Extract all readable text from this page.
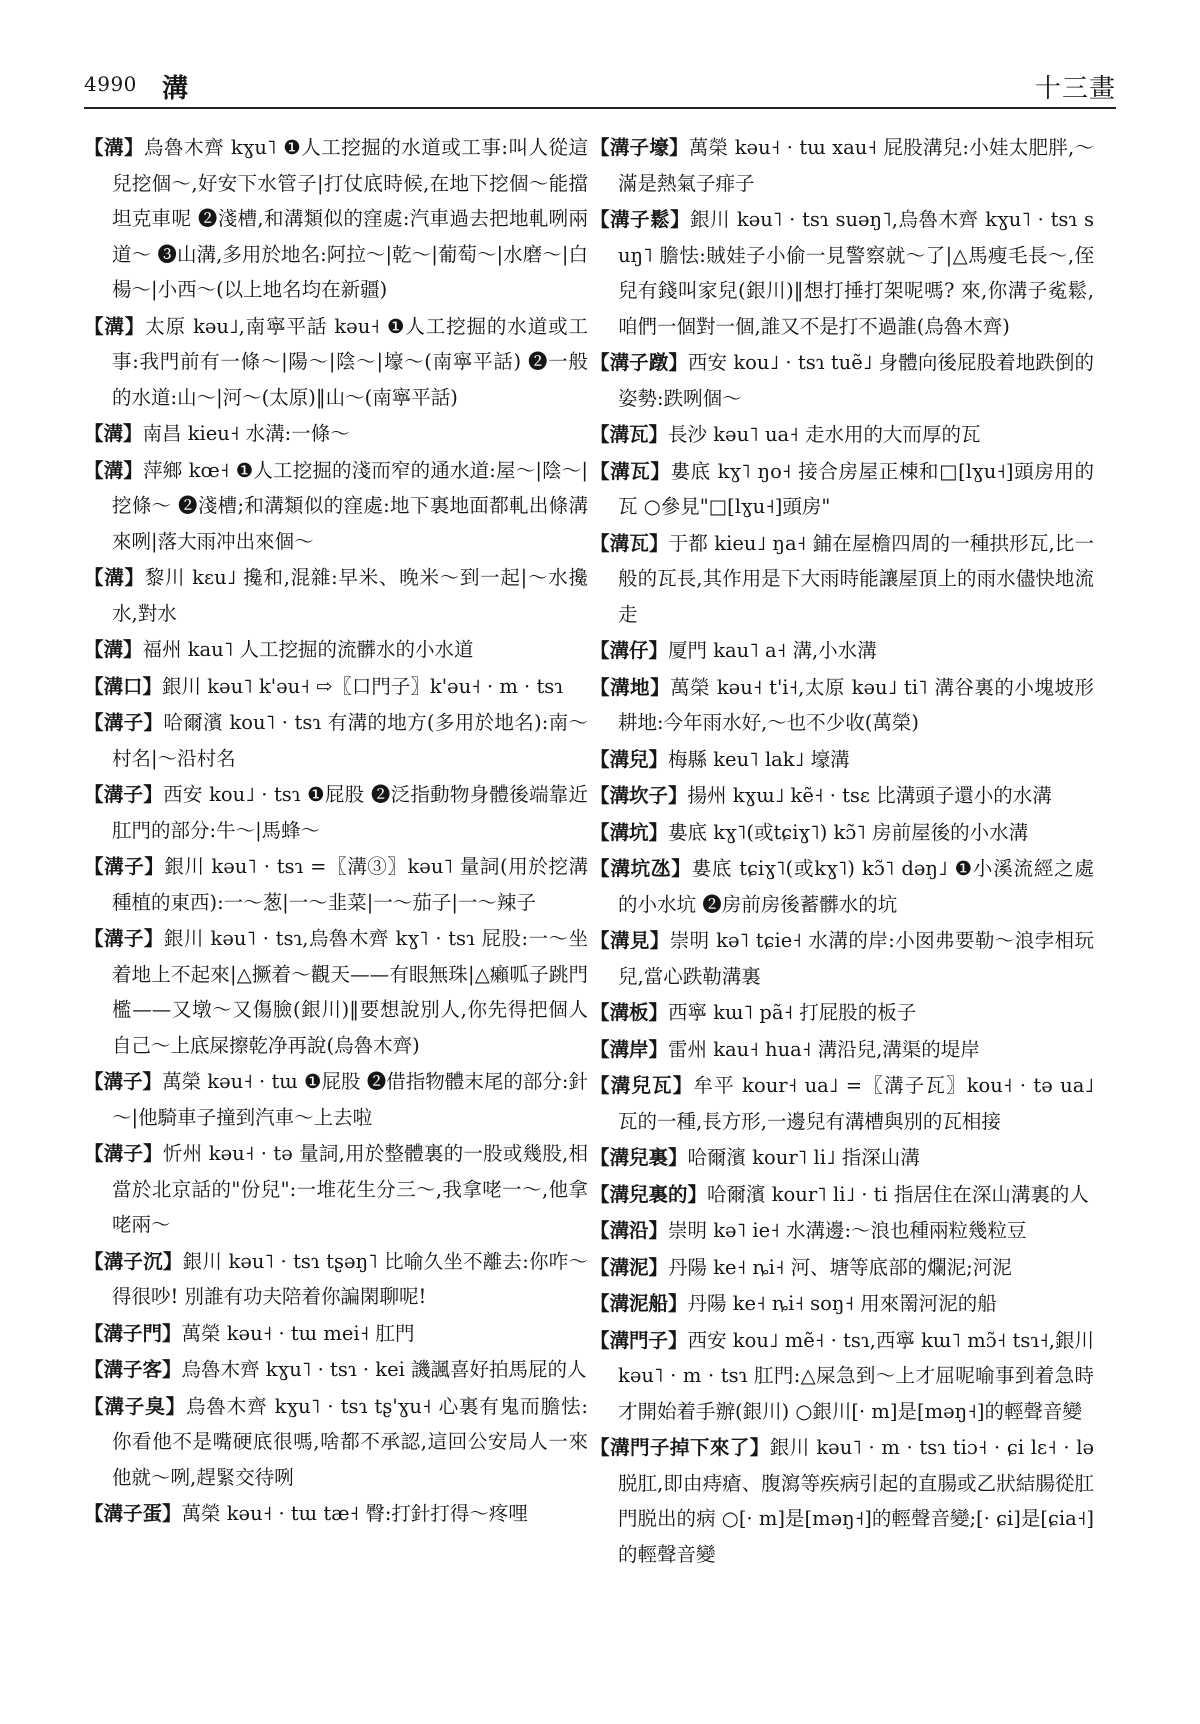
4990 溝	十三畫

【溝】烏魯木齊 kɣu˥ ❶人工挖掘的水道或工事:叫人從這兒挖個～,好安下水管子|打仗底時候,在地下挖個～能擋坦克車呢 ❷淺槽,和溝類似的窪處:汽車過去把地軋咧兩道～ ❸山溝,多用於地名:阿拉～|乾～|葡萄～|水磨～|白楊～|小西～(以上地名均在新疆)

【溝】太原 kəu˩,南寧平話 kəu˧ ❶人工挖掘的水道或工事:我門前有一條～|陽～|陰～|壕～(南寧平話) ❷一般的水道:山～|河～(太原)‖山～(南寧平話)

【溝】南昌 kieu˧ 水溝:一條～

【溝】萍鄉 kœ˧ ❶人工挖掘的淺而窄的通水道:屋～|陰～|挖條～ ❷淺槽;和溝類似的窪處:地下裏地面都軋出條溝來咧|落大雨冲出來個～

【溝】黎川 kɛu˩ 攙和,混雜:早米、晚米～到一起|～水攙水,對水

【溝】福州 kau˥ 人工挖掘的流髒水的小水道

【溝口】銀川 kəu˥ k'əu˧ ⇨〖口門子〗k'əu˧ · m · tsɿ

【溝子】哈爾濱 kou˥ · tsɿ 有溝的地方(多用於地名):南～村名|～沿村名

【溝子】西安 kou˩ · tsɿ ❶屁股 ❷泛指動物身體後端靠近肛門的部分:牛～|馬蜂～

【溝子】銀川 kəu˥ · tsɿ =〖溝③〗kəu˥ 量詞(用於挖溝種植的東西):一～葱|一～韭菜|一～茄子|一～辣子

【溝子】銀川 kəu˥ · tsɿ,烏魯木齊 kɣ˥ · tsɿ 屁股:一～坐着地上不起來|△撅着～觀天——有眼無珠|△癩呱子跳門檻——又墩～又傷臉(銀川)‖要想說別人,你先得把個人自己～上底屎擦乾净再說(烏魯木齊)

【溝子】萬榮 kəu˧ · tɯ ❶屁股 ❷借指物體末尾的部分:針～|他騎車子撞到汽車～上去啦

【溝子】忻州 kəu˧ · tə 量詞,用於整體裏的一股或幾股,相當於北京話的"份兒":一堆花生分三～,我拿咾一～,他拿咾兩～

【溝子沉】銀川 kəu˥ · tsɿ tʂəŋ˥ 比喻久坐不離去:你咋～得很吵! 別誰有功夫陪着你諞閑聊呢!

【溝子門】萬榮 kəu˧ · tɯ mei˧ 肛門

【溝子客】烏魯木齊 kɣu˥ · tsɿ · kei 譏諷喜好拍馬屁的人

【溝子臭】烏魯木齊 kɣu˥ · tsɿ tʂ'ɣu˧ 心裏有鬼而膽怯:你看他不是嘴硬底很嗎,啥都不承認,這回公安局人一來他就～咧,趕緊交待咧

【溝子蛋】萬榮 kəu˧ · tɯ tæ˧ 臀:打針打得～疼哩

【溝子壕】萬榮 kəu˧ · tɯ xau˧ 屁股溝兒:小娃太肥胖,～滿是熱氣子痱子

【溝子鬆】銀川 kəu˥ · tsɿ suəŋ˥,烏魯木齊 kɣu˥ · tsɿ suŋ˥ 膽怯:賊娃子小偷一見警察就～了|△馬瘦毛長～,侄兒有錢叫家兒(銀川)‖想打捶打架呢嗎? 來,你溝子㝹鬆,咱們一個對一個,誰又不是打不過誰(烏魯木齊)

【溝子蹾】西安 kou˩ · tsɿ tuẽ˩ 身體向後屁股着地跌倒的姿勢:跌咧個～

【溝瓦】長沙 kəu˥ ua˧ 走水用的大而厚的瓦

【溝瓦】婁底 kɣ˥ ŋo˧ 接合房屋正棟和□[lɣu˧]頭房用的瓦 ○參見"□[lɣu˧]頭房"

【溝瓦】于都 kieu˩ ŋa˧ 鋪在屋檐四周的一種拱形瓦,比一般的瓦長,其作用是下大雨時能讓屋頂上的雨水儘快地流走

【溝仔】厦門 kau˥ a˧ 溝,小水溝

【溝地】萬榮 kəu˧ t'i˧,太原 kəu˩ ti˥ 溝谷裏的小塊坡形耕地:今年雨水好,～也不少收(萬榮)

【溝兒】梅縣 keu˥ lak˩ 壕溝

【溝坎子】揚州 kɣɯ˩ kẽ˧ · tsɛ 比溝頭子還小的水溝

【溝坑】婁底 kɣ˥(或tɕiɣ˥) kɔ̃˥ 房前屋後的小水溝

【溝坑氹】婁底 tɕiɣ˥(或kɣ˥) kɔ̃˥ dəŋ˩ ❶小溪流經之處的小水坑 ❷房前房後蓄髒水的坑

【溝見】崇明 kə˥ tɕie˧ 水溝的岸:小囡弗要勒～浪孛相玩兒,當心跌勒溝裏

【溝板】西寧 kɯ˥ pã˧ 打屁股的板子

【溝岸】雷州 kau˧ hua˧ 溝沿兒,溝渠的堤岸

【溝兒瓦】牟平 kour˧ ua˩ =〖溝子瓦〗kou˧ · tə ua˩ 瓦的一種,長方形,一邊兒有溝槽與別的瓦相接

【溝兒裏】哈爾濱 kour˥ li˩ 指深山溝

【溝兒裏的】哈爾濱 kour˥ li˩ · ti 指居住在深山溝裏的人

【溝沿】崇明 kə˥ ie˧ 水溝邊:～浪也種兩粒幾粒豆

【溝泥】丹陽 ke˧ ȵi˧ 河、塘等底部的爛泥;河泥

【溝泥船】丹陽 ke˧ ȵi˧ soŋ˧ 用來罱河泥的船

【溝門子】西安 kou˩ mẽ˧ · tsɿ,西寧 kɯ˥ mɔ̃˧ tsɿ˧,銀川 kəu˥ · m · tsɿ 肛門:△屎急到～上才屈呢喻事到着急時才開始着手辦(銀川) ○銀川[· m]是[məŋ˧]的輕聲音變

【溝門子掉下來了】銀川 kəu˥ · m · tsɿ tiɔ˧ · ɕi lɛ˧ · lə 脱肛,即由痔瘡、腹瀉等疾病引起的直腸或乙狀結腸從肛門脱出的病 ○[· m]是[məŋ˧]的輕聲音變;[· ɕi]是[ɕia˧]的輕聲音變
